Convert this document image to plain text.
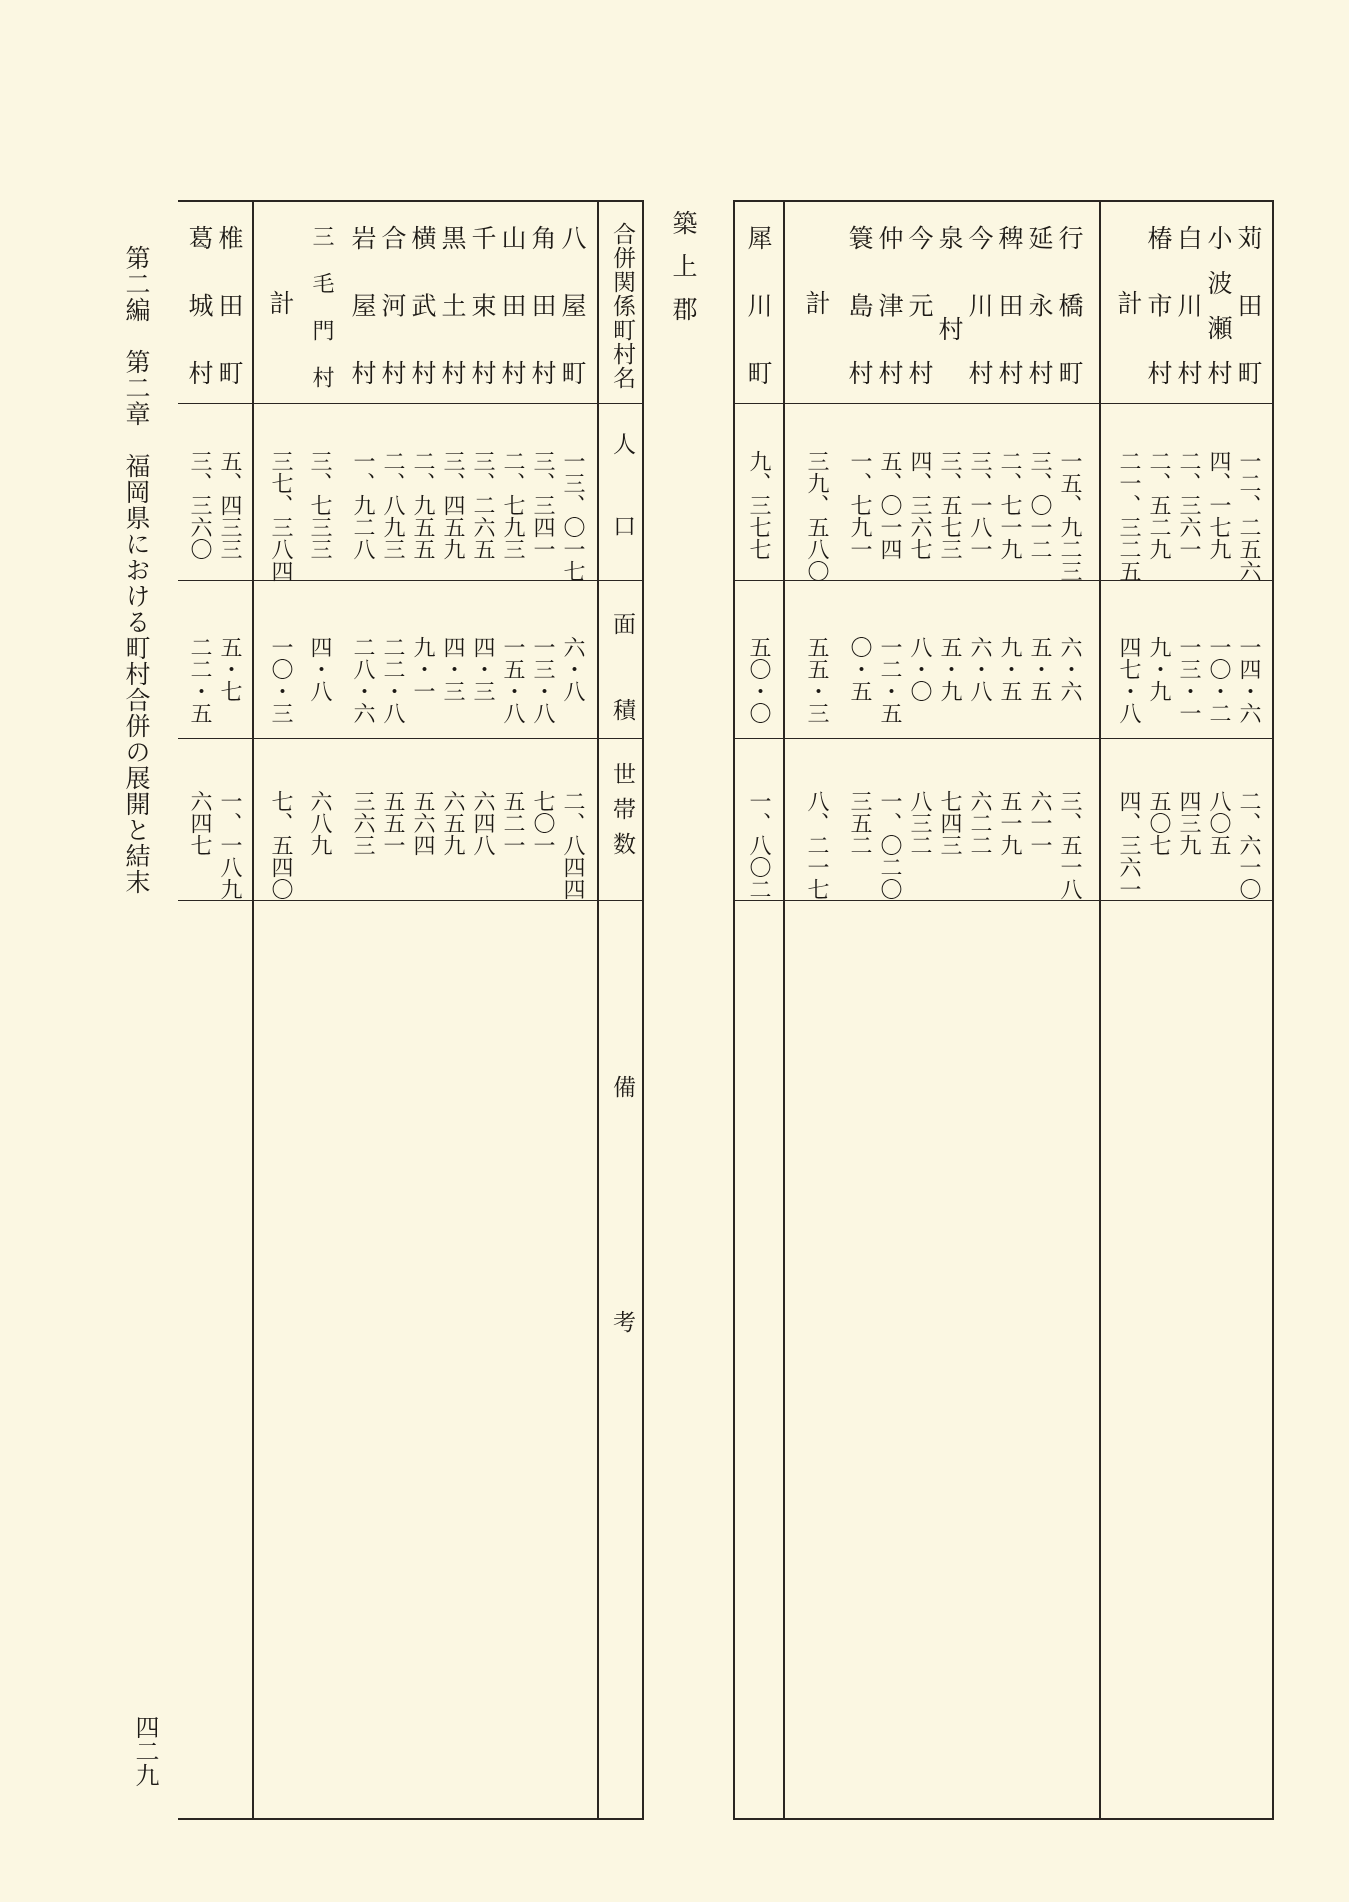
第二編　第二章　福岡県における町村合併の展開と結末
四二九
苅田町
小波瀬村
白川村
椿市村
計
一二、二五六
四、一七九
二、三六一
二、五二九
二一、三二五
一四・六
一〇・二
一三・一
九・九
四七・八
二、六一〇
八〇五
四三九
五〇七
四、三六一
行橋町
延永村
稗田村
今川村
泉村
今元村
仲津村
簑島村
計
一五、九二三
三、〇一二
二、七一九
三、一八一
三、五七三
四、三六七
五、〇一四
一、七九一
三九、五八〇
六・六
五・五
九・五
六・八
五・九
八・〇
一二・五
〇・五
五五・三
三、五一八
六一一
五一九
六二二
七四三
八三二
一、〇二〇
三五二
八、二一七
犀川町
九、三七七
五〇・〇
一、八〇二
築上郡
合併関係町村名
人　口
面　積
世帯数
備　　　　考
八屋町
角田村
山田村
千束村
黒土村
横武村
合河村
岩屋村
三毛門村
計
一三、〇一七
三、三四一
二、七九三
三、二六五
三、四五九
二、九五五
二、八九三
一、九二八
三、七三三
三七、三八四
六・八
一三・八
一五・八
四・三
四・三
九・一
二二・八
二八・六
四・八
一〇・三
二、八四四
七〇一
五二一
六四八
六五九
五六四
五五一
三六三
六八九
七、五四〇
椎田町
葛城村
五、四三三
三、三六〇
五・七
二二・五
一、一八九
六四七
